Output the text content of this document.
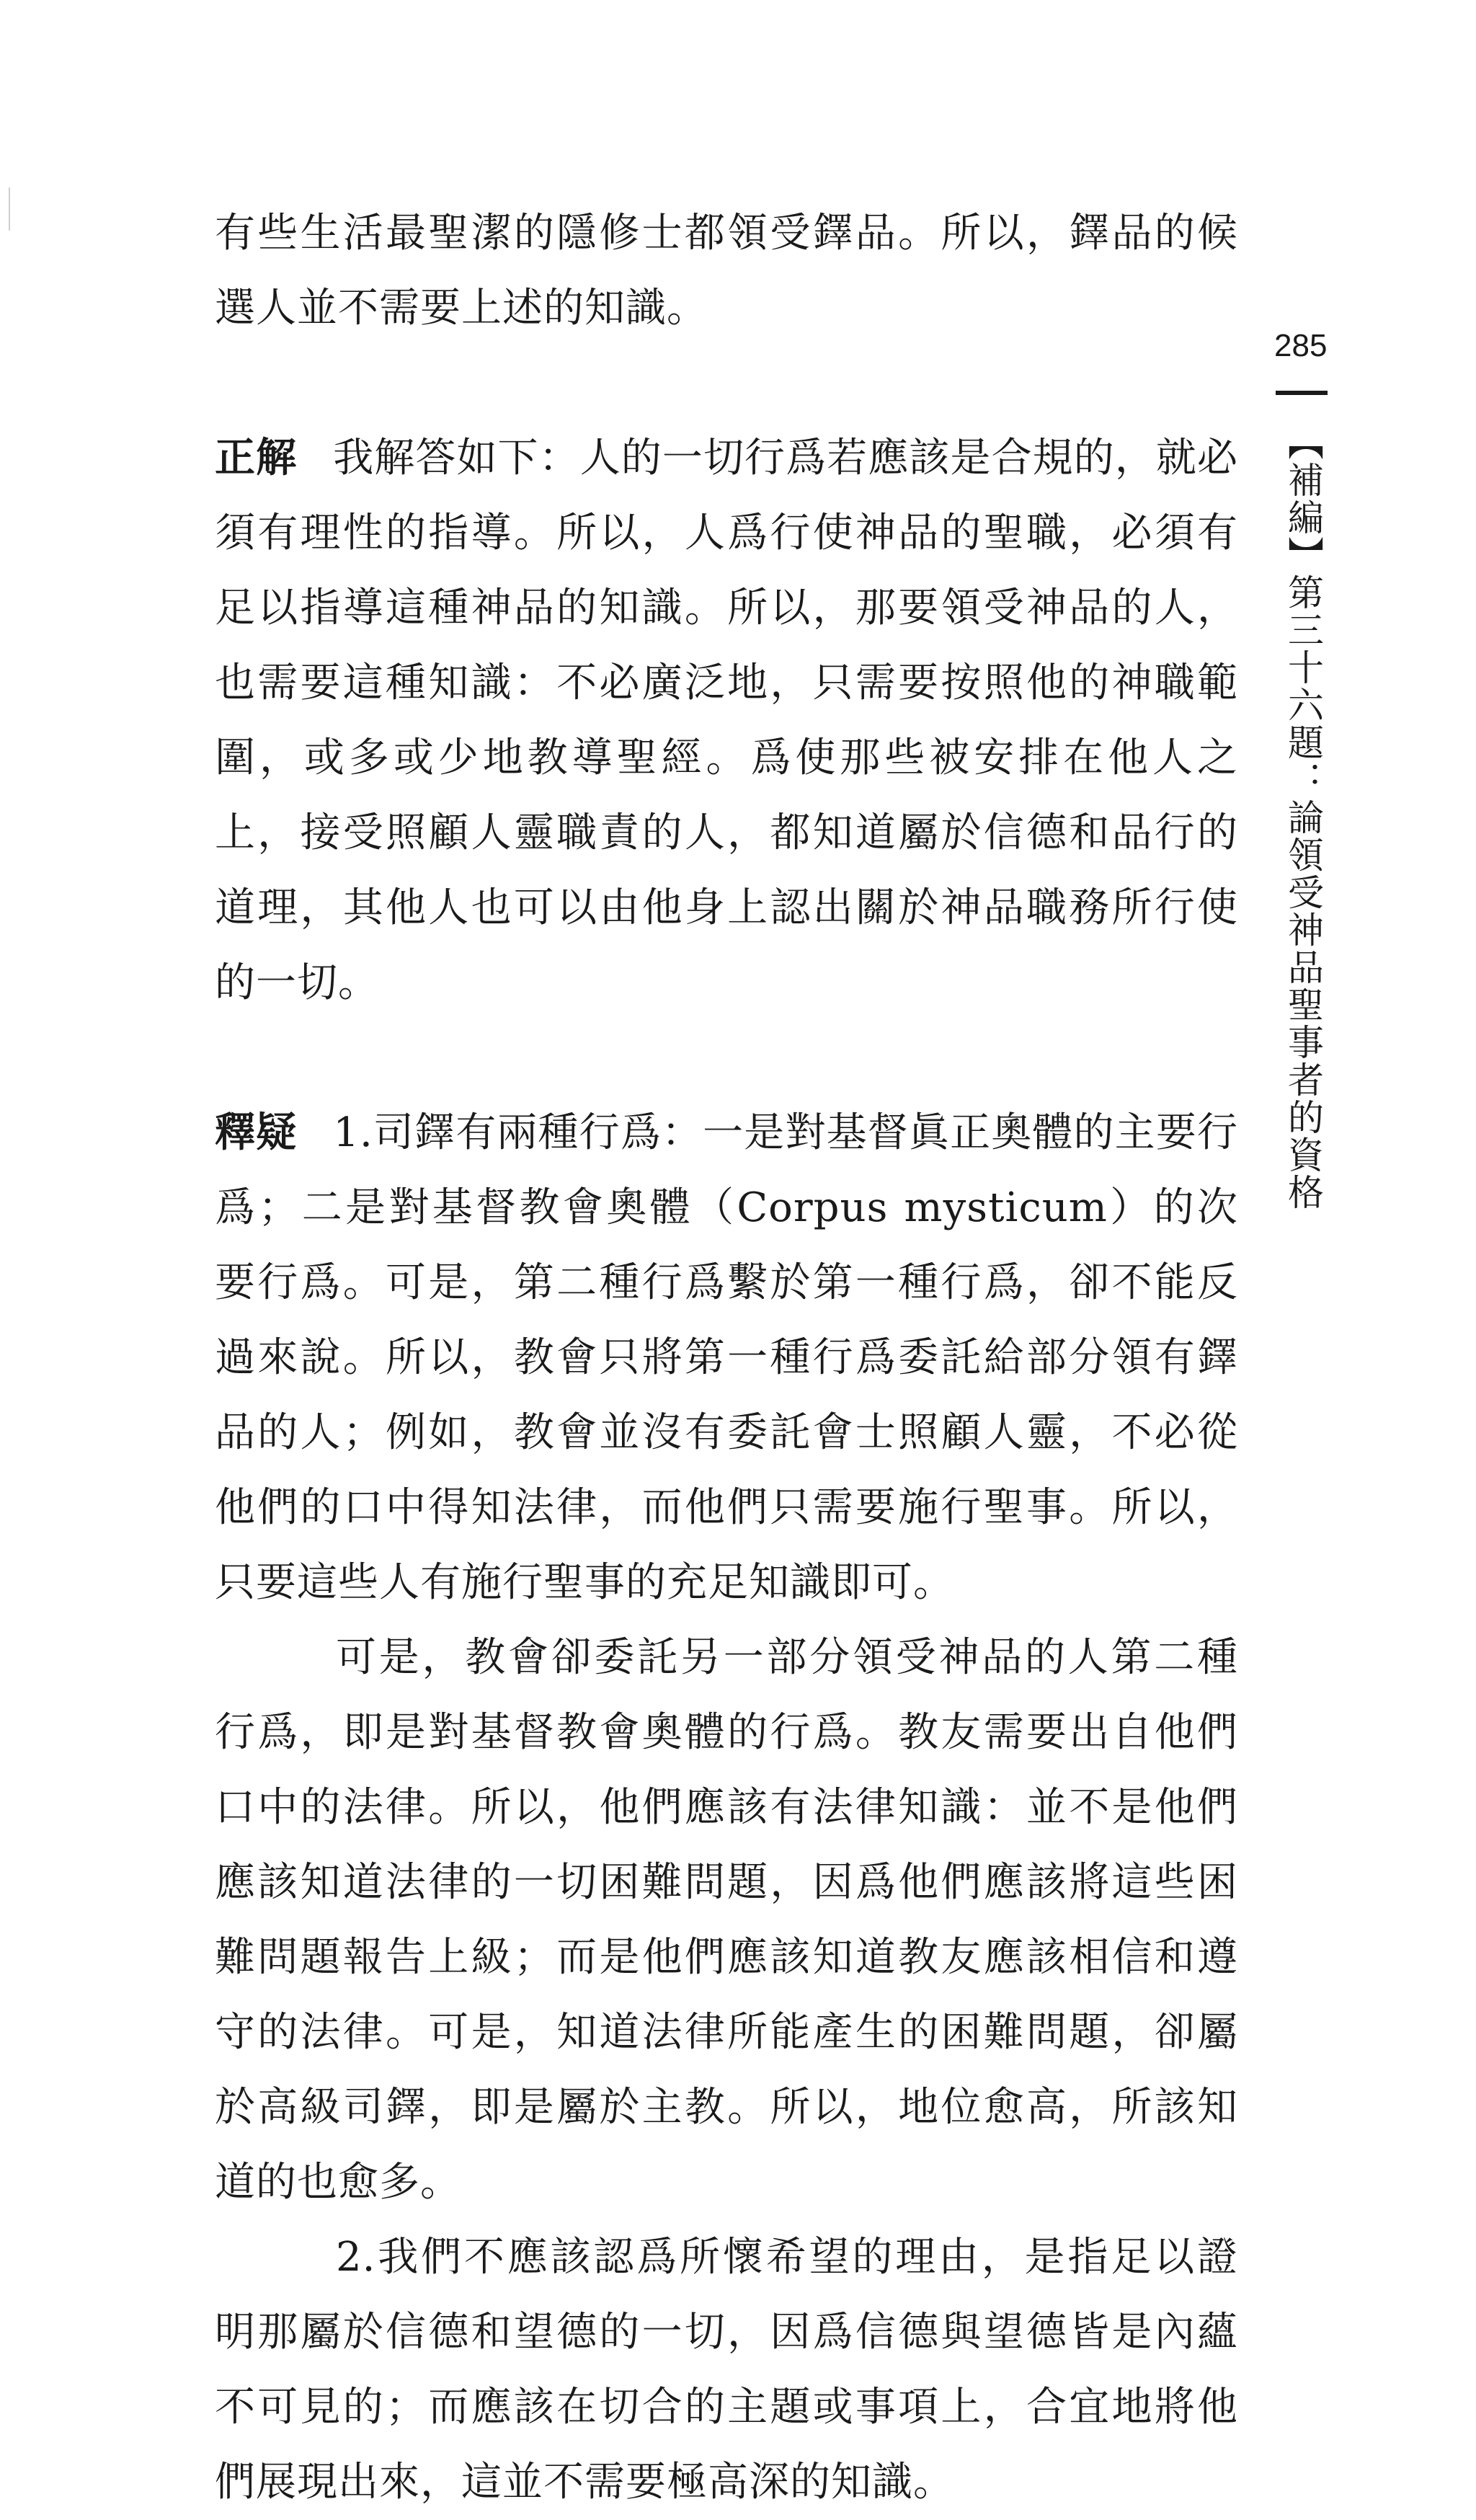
285
【補編】第三十六題：論領受神品聖事者的資格

有些生活最聖潔的隱修士都領受鐸品。所以，鐸品的候選人並不需要上述的知識。

正解 我解答如下：人的一切行爲若應該是合規的，就必須有理性的指導。所以，人爲行使神品的聖職，必須有足以指導這種神品的知識。所以，那要領受神品的人，也需要這種知識：不必廣泛地，只需要按照他的神職範圍，或多或少地教導聖經。爲使那些被安排在他人之上，接受照顧人靈職責的人，都知道屬於信德和品行的道理，其他人也可以由他身上認出關於神品職務所行使的一切。

釋疑 1.司鐸有兩種行爲：一是對基督眞正奧體的主要行爲；二是對基督教會奧體（Corpus mysticum）的次要行爲。可是，第二種行爲繫於第一種行爲，卻不能反過來說。所以，教會只將第一種行爲委託給部分領有鐸品的人；例如，教會並沒有委託會士照顧人靈，不必從他們的口中得知法律，而他們只需要施行聖事。所以，只要這些人有施行聖事的充足知識即可。

可是，教會卻委託另一部分領受神品的人第二種行爲，即是對基督教會奧體的行爲。教友需要出自他們口中的法律。所以，他們應該有法律知識：並不是他們應該知道法律的一切困難問題，因爲他們應該將這些困難問題報告上級；而是他們應該知道教友應該相信和遵守的法律。可是，知道法律所能產生的困難問題，卻屬於高級司鐸，即是屬於主教。所以，地位愈高，所該知道的也愈多。

2.我們不應該認爲所懷希望的理由，是指足以證明那屬於信德和望德的一切，因爲信德與望德皆是內蘊不可見的；而應該在切合的主題或事項上，合宜地將他們展現出來，這並不需要極高深的知識。
